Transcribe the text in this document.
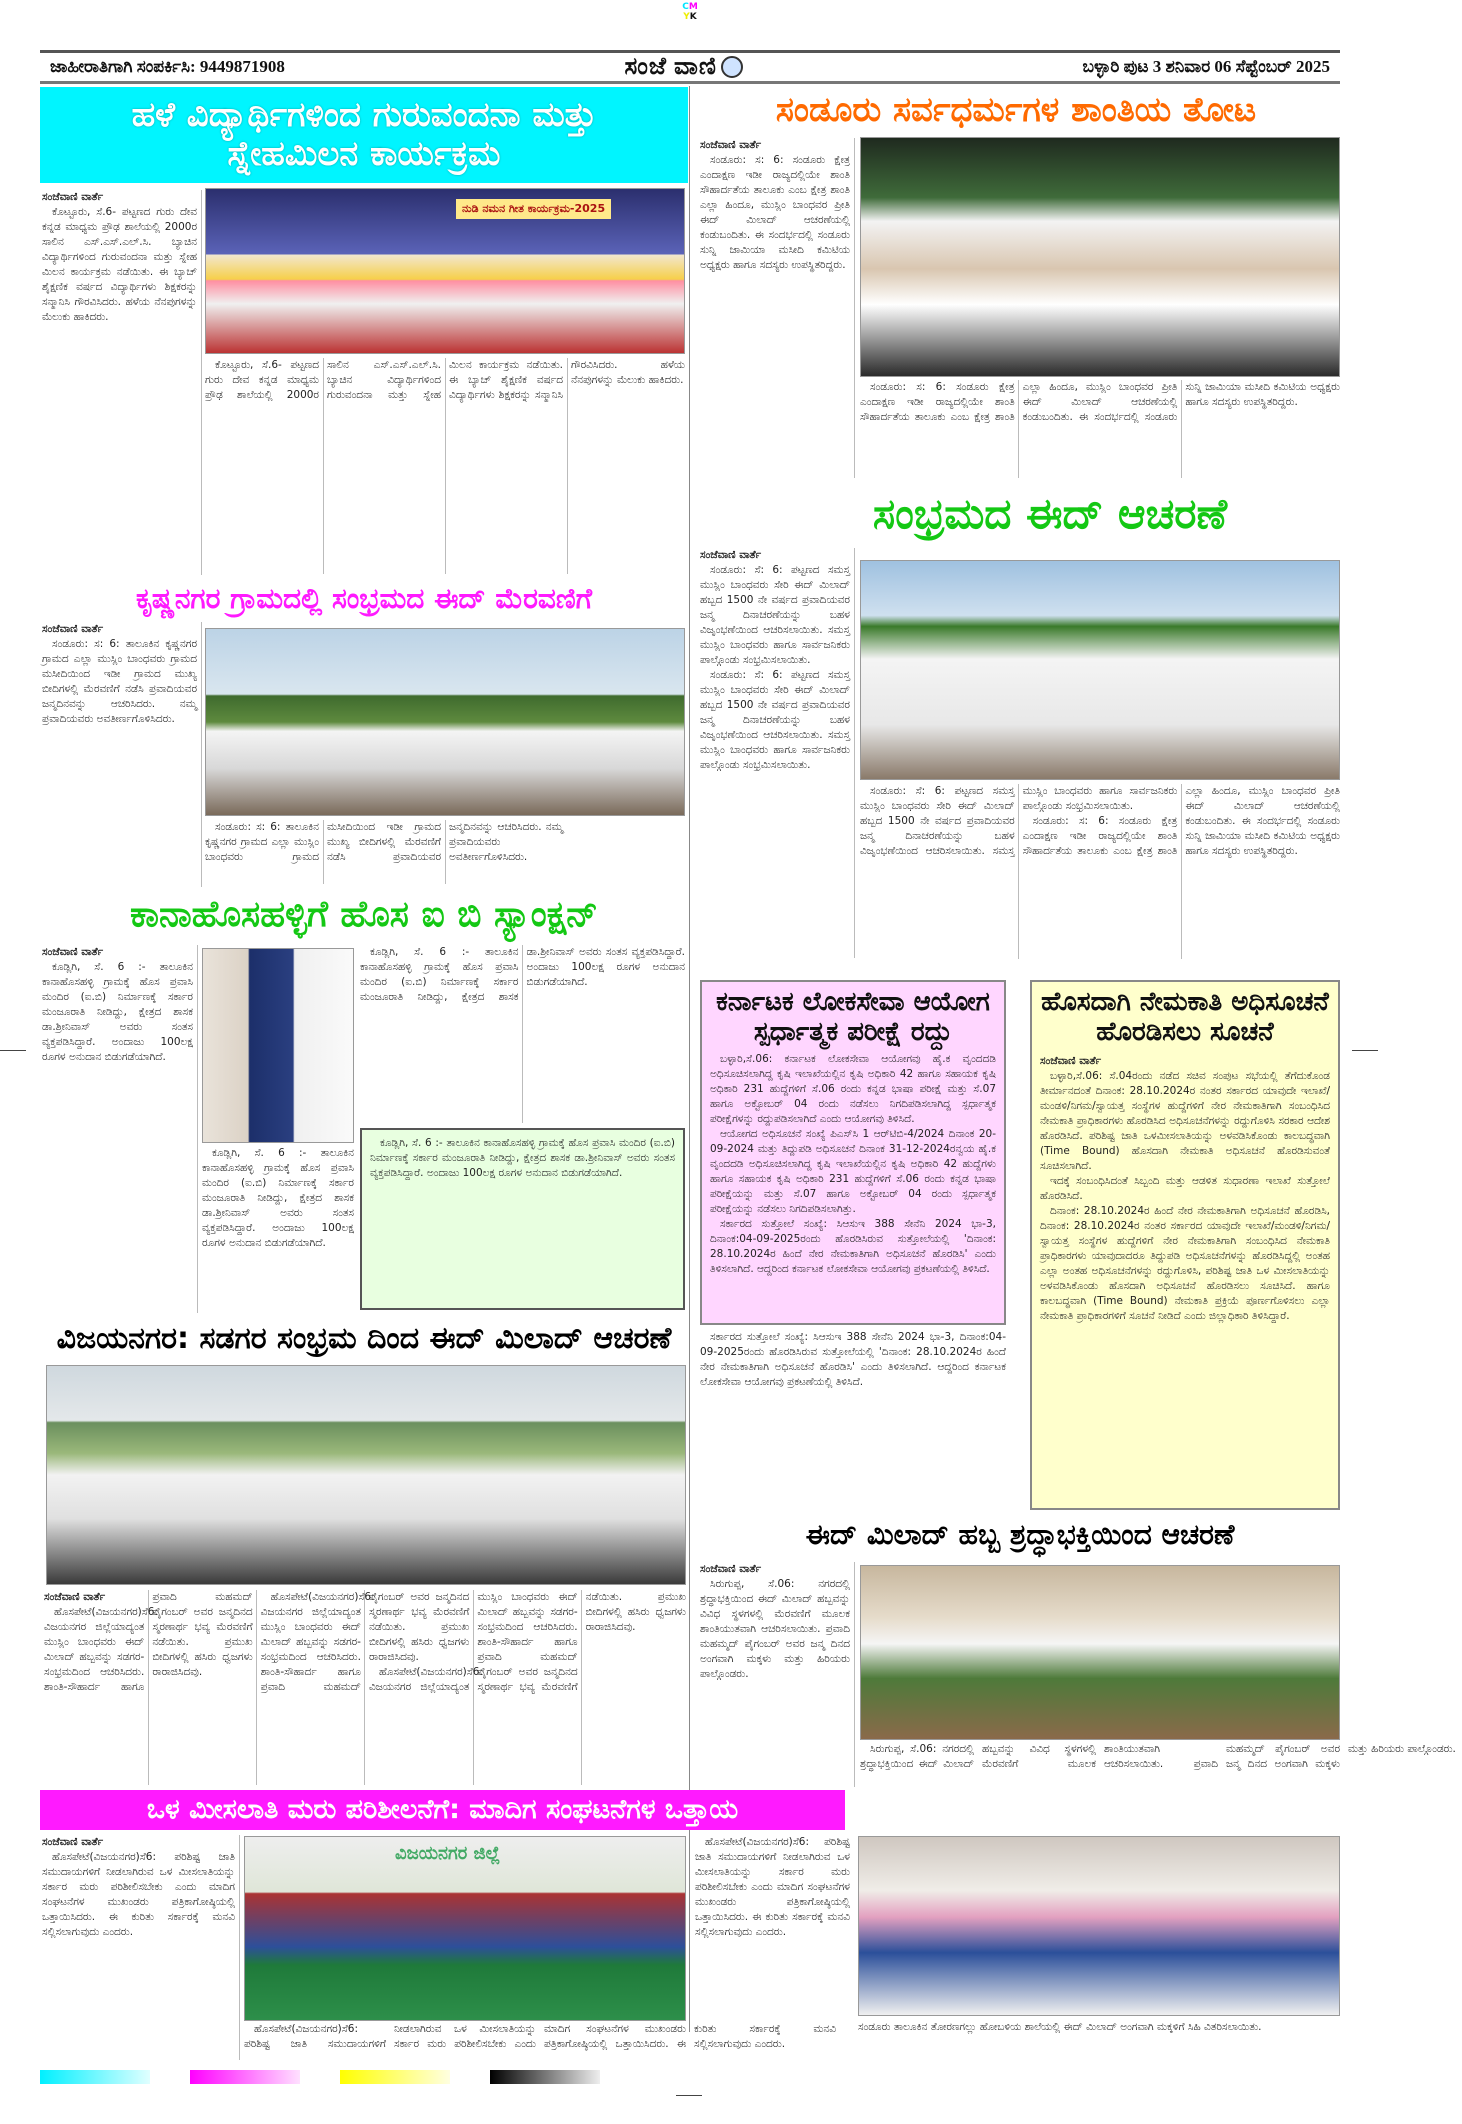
CM
YK
ಜಾಹೀರಾತಿಗಾಗಿ ಸಂಪರ್ಕಿಸಿ: 9449871908	ಸಂಜೆ ವಾಣಿ	ಬಳ್ಳಾರಿ ಪುಟ 3 ಶನಿವಾರ 06 ಸೆಪ್ಟೆಂಬರ್ 2025
ಹಳೆ ವಿದ್ಯಾರ್ಥಿಗಳಿಂದ ಗುರುವಂದನಾ ಮತ್ತು ಸ್ನೇಹಮಿಲನ ಕಾರ್ಯಕ್ರಮ
ಸಂಜೆವಾಣಿ ವಾರ್ತೆ

ಕೊಟ್ಟೂರು, ಸೆ.6- ಪಟ್ಟಣದ ಗುರು ದೇವ ಕನ್ನಡ ಮಾಧ್ಯಮ ಪ್ರೌಢ ಶಾಲೆಯಲ್ಲಿ 2000ರ ಸಾಲಿನ ಎಸ್.ಎಸ್.ಎಲ್.ಸಿ. ಬ್ಯಾಚಿನ ವಿದ್ಯಾರ್ಥಿಗಳಿಂದ ಗುರುವಂದನಾ ಮತ್ತು ಸ್ನೇಹ ಮಿಲನ ಕಾರ್ಯಕ್ರಮ ನಡೆಯಿತು. ಈ ಬ್ಯಾಚ್ ಶೈಕ್ಷಣಿಕ ವರ್ಷದ ವಿದ್ಯಾರ್ಥಿಗಳು ಶಿಕ್ಷಕರನ್ನು ಸನ್ಮಾನಿಸಿ ಗೌರವಿಸಿದರು. ಹಳೆಯ ನೆನಪುಗಳನ್ನು ಮೆಲುಕು ಹಾಕಿದರು.

ನುಡಿ ನಮನ ಗೀತ ಕಾರ್ಯಕ್ರಮ-2025

ಕೊಟ್ಟೂರು, ಸೆ.6- ಪಟ್ಟಣದ ಗುರು ದೇವ ಕನ್ನಡ ಮಾಧ್ಯಮ ಪ್ರೌಢ ಶಾಲೆಯಲ್ಲಿ 2000ರ ಸಾಲಿನ ಎಸ್.ಎಸ್.ಎಲ್.ಸಿ. ಬ್ಯಾಚಿನ ವಿದ್ಯಾರ್ಥಿಗಳಿಂದ ಗುರುವಂದನಾ ಮತ್ತು ಸ್ನೇಹ ಮಿಲನ ಕಾರ್ಯಕ್ರಮ ನಡೆಯಿತು. ಈ ಬ್ಯಾಚ್ ಶೈಕ್ಷಣಿಕ ವರ್ಷದ ವಿದ್ಯಾರ್ಥಿಗಳು ಶಿಕ್ಷಕರನ್ನು ಸನ್ಮಾನಿಸಿ ಗೌರವಿಸಿದರು. ಹಳೆಯ ನೆನಪುಗಳನ್ನು ಮೆಲುಕು ಹಾಕಿದರು.

ಕೃಷ್ಣನಗರ ಗ್ರಾಮದಲ್ಲಿ ಸಂಭ್ರಮದ ಈದ್ ಮೆರವಣಿಗೆ
ಸಂಜೆವಾಣಿ ವಾರ್ತೆ

ಸಂಡೂರು: ಸ: 6: ತಾಲೂಕಿನ ಕೃಷ್ಣನಗರ ಗ್ರಾಮದ ಎಲ್ಲಾ ಮುಸ್ಲಿಂ ಬಾಂಧವರು ಗ್ರಾಮದ ಮಸೀದಿಯಿಂದ ಇಡೀ ಗ್ರಾಮದ ಮುಖ್ಯ ಬೀದಿಗಳಲ್ಲಿ ಮೆರವಣಿಗೆ ನಡೆಸಿ ಪ್ರವಾದಿಯವರ ಜನ್ಮದಿನವನ್ನು ಆಚರಿಸಿದರು. ನಮ್ಮ ಪ್ರವಾದಿಯವರು ಅವತೀರ್ಣಗೊಳಿಸಿದರು.

ಸಂಡೂರು: ಸ: 6: ತಾಲೂಕಿನ ಕೃಷ್ಣನಗರ ಗ್ರಾಮದ ಎಲ್ಲಾ ಮುಸ್ಲಿಂ ಬಾಂಧವರು ಗ್ರಾಮದ ಮಸೀದಿಯಿಂದ ಇಡೀ ಗ್ರಾಮದ ಮುಖ್ಯ ಬೀದಿಗಳಲ್ಲಿ ಮೆರವಣಿಗೆ ನಡೆಸಿ ಪ್ರವಾದಿಯವರ ಜನ್ಮದಿನವನ್ನು ಆಚರಿಸಿದರು. ನಮ್ಮ ಪ್ರವಾದಿಯವರು ಅವತೀರ್ಣಗೊಳಿಸಿದರು.

ಕಾನಾಹೊಸಹಳ್ಳಿಗೆ ಹೊಸ ಐ ಬಿ ಸ್ಯಾಂಕ್ಷನ್
ಸಂಜೆವಾಣಿ ವಾರ್ತೆ

ಕೂಡ್ಲಿಗಿ, ಸೆ. 6 :- ತಾಲೂಕಿನ ಕಾನಾಹೊಸಹಳ್ಳಿ ಗ್ರಾಮಕ್ಕೆ ಹೊಸ ಪ್ರವಾಸಿ ಮಂದಿರ (ಐ.ಬಿ) ನಿರ್ಮಾಣಕ್ಕೆ ಸರ್ಕಾರ ಮಂಜೂರಾತಿ ನೀಡಿದ್ದು, ಕ್ಷೇತ್ರದ ಶಾಸಕ ಡಾ.ಶ್ರೀನಿವಾಸ್ ಅವರು ಸಂತಸ ವ್ಯಕ್ತಪಡಿಸಿದ್ದಾರೆ. ಅಂದಾಜು 100ಲಕ್ಷ ರೂಗಳ ಅನುದಾನ ಬಿಡುಗಡೆಯಾಗಿದೆ.

ಕೂಡ್ಲಿಗಿ, ಸೆ. 6 :- ತಾಲೂಕಿನ ಕಾನಾಹೊಸಹಳ್ಳಿ ಗ್ರಾಮಕ್ಕೆ ಹೊಸ ಪ್ರವಾಸಿ ಮಂದಿರ (ಐ.ಬಿ) ನಿರ್ಮಾಣಕ್ಕೆ ಸರ್ಕಾರ ಮಂಜೂರಾತಿ ನೀಡಿದ್ದು, ಕ್ಷೇತ್ರದ ಶಾಸಕ ಡಾ.ಶ್ರೀನಿವಾಸ್ ಅವರು ಸಂತಸ ವ್ಯಕ್ತಪಡಿಸಿದ್ದಾರೆ. ಅಂದಾಜು 100ಲಕ್ಷ ರೂಗಳ ಅನುದಾನ ಬಿಡುಗಡೆಯಾಗಿದೆ.

ಕೂಡ್ಲಿಗಿ, ಸೆ. 6 :- ತಾಲೂಕಿನ ಕಾನಾಹೊಸಹಳ್ಳಿ ಗ್ರಾಮಕ್ಕೆ ಹೊಸ ಪ್ರವಾಸಿ ಮಂದಿರ (ಐ.ಬಿ) ನಿರ್ಮಾಣಕ್ಕೆ ಸರ್ಕಾರ ಮಂಜೂರಾತಿ ನೀಡಿದ್ದು, ಕ್ಷೇತ್ರದ ಶಾಸಕ ಡಾ.ಶ್ರೀನಿವಾಸ್ ಅವರು ಸಂತಸ ವ್ಯಕ್ತಪಡಿಸಿದ್ದಾರೆ. ಅಂದಾಜು 100ಲಕ್ಷ ರೂಗಳ ಅನುದಾನ ಬಿಡುಗಡೆಯಾಗಿದೆ.

ಕೂಡ್ಲಿಗಿ, ಸೆ. 6 :- ತಾಲೂಕಿನ ಕಾನಾಹೊಸಹಳ್ಳಿ ಗ್ರಾಮಕ್ಕೆ ಹೊಸ ಪ್ರವಾಸಿ ಮಂದಿರ (ಐ.ಬಿ) ನಿರ್ಮಾಣಕ್ಕೆ ಸರ್ಕಾರ ಮಂಜೂರಾತಿ ನೀಡಿದ್ದು, ಕ್ಷೇತ್ರದ ಶಾಸಕ ಡಾ.ಶ್ರೀನಿವಾಸ್ ಅವರು ಸಂತಸ ವ್ಯಕ್ತಪಡಿಸಿದ್ದಾರೆ. ಅಂದಾಜು 100ಲಕ್ಷ ರೂಗಳ ಅನುದಾನ ಬಿಡುಗಡೆಯಾಗಿದೆ.

ವಿಜಯನಗರ: ಸಡಗರ ಸಂಭ್ರಮ ದಿಂದ ಈದ್ ಮಿಲಾದ್ ಆಚರಣೆ
ಸಂಜೆವಾಣಿ ವಾರ್ತೆ

ಹೊಸಪೇಟೆ(ವಿಜಯನಗರ)ಸೆ6: ವಿಜಯನಗರ ಜಿಲ್ಲೆಯಾದ್ಯಂತ ಮುಸ್ಲಿಂ ಬಾಂಧವರು ಈದ್ ಮಿಲಾದ್ ಹಬ್ಬವನ್ನು ಸಡಗರ-ಸಂಭ್ರಮದಿಂದ ಆಚರಿಸಿದರು. ಶಾಂತಿ-ಸೌಹಾರ್ದ ಹಾಗೂ ಪ್ರವಾದಿ ಮಹಮದ್ ಪೈಗಂಬರ್ ಅವರ ಜನ್ಮದಿನದ ಸ್ಮರಣಾರ್ಥ ಭವ್ಯ ಮೆರವಣಿಗೆ ನಡೆಯಿತು. ಪ್ರಮುಖ ಬೀದಿಗಳಲ್ಲಿ ಹಸಿರು ಧ್ವಜಗಳು ರಾರಾಜಿಸಿದವು.

ಹೊಸಪೇಟೆ(ವಿಜಯನಗರ)ಸೆ6: ವಿಜಯನಗರ ಜಿಲ್ಲೆಯಾದ್ಯಂತ ಮುಸ್ಲಿಂ ಬಾಂಧವರು ಈದ್ ಮಿಲಾದ್ ಹಬ್ಬವನ್ನು ಸಡಗರ-ಸಂಭ್ರಮದಿಂದ ಆಚರಿಸಿದರು. ಶಾಂತಿ-ಸೌಹಾರ್ದ ಹಾಗೂ ಪ್ರವಾದಿ ಮಹಮದ್ ಪೈಗಂಬರ್ ಅವರ ಜನ್ಮದಿನದ ಸ್ಮರಣಾರ್ಥ ಭವ್ಯ ಮೆರವಣಿಗೆ ನಡೆಯಿತು. ಪ್ರಮುಖ ಬೀದಿಗಳಲ್ಲಿ ಹಸಿರು ಧ್ವಜಗಳು ರಾರಾಜಿಸಿದವು.

ಹೊಸಪೇಟೆ(ವಿಜಯನಗರ)ಸೆ6: ವಿಜಯನಗರ ಜಿಲ್ಲೆಯಾದ್ಯಂತ ಮುಸ್ಲಿಂ ಬಾಂಧವರು ಈದ್ ಮಿಲಾದ್ ಹಬ್ಬವನ್ನು ಸಡಗರ-ಸಂಭ್ರಮದಿಂದ ಆಚರಿಸಿದರು. ಶಾಂತಿ-ಸೌಹಾರ್ದ ಹಾಗೂ ಪ್ರವಾದಿ ಮಹಮದ್ ಪೈಗಂಬರ್ ಅವರ ಜನ್ಮದಿನದ ಸ್ಮರಣಾರ್ಥ ಭವ್ಯ ಮೆರವಣಿಗೆ ನಡೆಯಿತು. ಪ್ರಮುಖ ಬೀದಿಗಳಲ್ಲಿ ಹಸಿರು ಧ್ವಜಗಳು ರಾರಾಜಿಸಿದವು.

ಒಳ ಮೀಸಲಾತಿ ಮರು ಪರಿಶೀಲನೆಗೆ: ಮಾದಿಗ ಸಂಘಟನೆಗಳ ಒತ್ತಾಯ
ಸಂಜೆವಾಣಿ ವಾರ್ತೆ

ಹೊಸಪೇಟೆ(ವಿಜಯನಗರ)ಸೆ6: ಪರಿಶಿಷ್ಟ ಜಾತಿ ಸಮುದಾಯಗಳಿಗೆ ನೀಡಲಾಗಿರುವ ಒಳ ಮೀಸಲಾತಿಯನ್ನು ಸರ್ಕಾರ ಮರು ಪರಿಶೀಲಿಸಬೇಕು ಎಂದು ಮಾದಿಗ ಸಂಘಟನೆಗಳ ಮುಖಂಡರು ಪತ್ರಿಕಾಗೋಷ್ಠಿಯಲ್ಲಿ ಒತ್ತಾಯಿಸಿದರು. ಈ ಕುರಿತು ಸರ್ಕಾರಕ್ಕೆ ಮನವಿ ಸಲ್ಲಿಸಲಾಗುವುದು ಎಂದರು.

ವಿಜಯನಗರ ಜಿಲ್ಲೆ

ಹೊಸಪೇಟೆ(ವಿಜಯನಗರ)ಸೆ6: ಪರಿಶಿಷ್ಟ ಜಾತಿ ಸಮುದಾಯಗಳಿಗೆ ನೀಡಲಾಗಿರುವ ಒಳ ಮೀಸಲಾತಿಯನ್ನು ಸರ್ಕಾರ ಮರು ಪರಿಶೀಲಿಸಬೇಕು ಎಂದು ಮಾದಿಗ ಸಂಘಟನೆಗಳ ಮುಖಂಡರು ಪತ್ರಿಕಾಗೋಷ್ಠಿಯಲ್ಲಿ ಒತ್ತಾಯಿಸಿದರು. ಈ ಕುರಿತು ಸರ್ಕಾರಕ್ಕೆ ಮನವಿ ಸಲ್ಲಿಸಲಾಗುವುದು ಎಂದರು.

ಹೊಸಪೇಟೆ(ವಿಜಯನಗರ)ಸೆ6: ಪರಿಶಿಷ್ಟ ಜಾತಿ ಸಮುದಾಯಗಳಿಗೆ ನೀಡಲಾಗಿರುವ ಒಳ ಮೀಸಲಾತಿಯನ್ನು ಸರ್ಕಾರ ಮರು ಪರಿಶೀಲಿಸಬೇಕು ಎಂದು ಮಾದಿಗ ಸಂಘಟನೆಗಳ ಮುಖಂಡರು ಪತ್ರಿಕಾಗೋಷ್ಠಿಯಲ್ಲಿ ಒತ್ತಾಯಿಸಿದರು. ಈ ಕುರಿತು ಸರ್ಕಾರಕ್ಕೆ ಮನವಿ ಸಲ್ಲಿಸಲಾಗುವುದು ಎಂದರು.

ಸಂಡೂರು ತಾಲೂಕಿನ ತೋರಣಗಲ್ಲು ಹೋಬಳಿಯ ಶಾಲೆಯಲ್ಲಿ ಈದ್ ಮಿಲಾದ್ ಅಂಗವಾಗಿ ಮಕ್ಕಳಿಗೆ ಸಿಹಿ ವಿತರಿಸಲಾಯಿತು.
ಸಂಡೂರು ಸರ್ವಧರ್ಮಗಳ ಶಾಂತಿಯ ತೋಟ
ಸಂಜೆವಾಣಿ ವಾರ್ತೆ

ಸಂಡೂರು: ಸ: 6: ಸಂಡೂರು ಕ್ಷೇತ್ರ ಎಂದಾಕ್ಷಣ ಇಡೀ ರಾಜ್ಯದಲ್ಲಿಯೇ ಶಾಂತಿ ಸೌಹಾರ್ದತೆಯ ತಾಲೂಕು ಎಂಬ ಕ್ಷೇತ್ರ ಶಾಂತಿ ಎಲ್ಲಾ ಹಿಂದೂ, ಮುಸ್ಲಿಂ ಬಾಂಧವರ ಪ್ರೀತಿ ಈದ್ ಮಿಲಾದ್ ಆಚರಣೆಯಲ್ಲಿ ಕಂಡುಬಂದಿತು. ಈ ಸಂದರ್ಭದಲ್ಲಿ ಸಂಡೂರು ಸುನ್ನಿ ಜಾಮಿಯಾ ಮಸೀದಿ ಕಮಿಟಿಯ ಅಧ್ಯಕ್ಷರು ಹಾಗೂ ಸದಸ್ಯರು ಉಪಸ್ಥಿತರಿದ್ದರು.

ಸಂಡೂರು: ಸ: 6: ಸಂಡೂರು ಕ್ಷೇತ್ರ ಎಂದಾಕ್ಷಣ ಇಡೀ ರಾಜ್ಯದಲ್ಲಿಯೇ ಶಾಂತಿ ಸೌಹಾರ್ದತೆಯ ತಾಲೂಕು ಎಂಬ ಕ್ಷೇತ್ರ ಶಾಂತಿ ಎಲ್ಲಾ ಹಿಂದೂ, ಮುಸ್ಲಿಂ ಬಾಂಧವರ ಪ್ರೀತಿ ಈದ್ ಮಿಲಾದ್ ಆಚರಣೆಯಲ್ಲಿ ಕಂಡುಬಂದಿತು. ಈ ಸಂದರ್ಭದಲ್ಲಿ ಸಂಡೂರು ಸುನ್ನಿ ಜಾಮಿಯಾ ಮಸೀದಿ ಕಮಿಟಿಯ ಅಧ್ಯಕ್ಷರು ಹಾಗೂ ಸದಸ್ಯರು ಉಪಸ್ಥಿತರಿದ್ದರು.

ಸಂಭ್ರಮದ ಈದ್ ಆಚರಣೆ
ಸಂಜೆವಾಣಿ ವಾರ್ತೆ

ಸಂಡೂರು: ಸೆ: 6: ಪಟ್ಟಣದ ಸಮಸ್ತ ಮುಸ್ಲಿಂ ಬಾಂಧವರು ಸೇರಿ ಈದ್ ಮಿಲಾದ್ ಹಬ್ಬದ 1500 ನೇ ವರ್ಷದ ಪ್ರವಾದಿಯವರ ಜನ್ಮ ದಿನಾಚರಣೆಯನ್ನು ಬಹಳ ವಿಜೃಂಭಣೆಯಿಂದ ಆಚರಿಸಲಾಯಿತು. ಸಮಸ್ತ ಮುಸ್ಲಿಂ ಬಾಂಧವರು ಹಾಗೂ ಸಾರ್ವಜನಿಕರು ಪಾಲ್ಗೊಂಡು ಸಂಭ್ರಮಿಸಲಾಯಿತು.

ಸಂಡೂರು: ಸೆ: 6: ಪಟ್ಟಣದ ಸಮಸ್ತ ಮುಸ್ಲಿಂ ಬಾಂಧವರು ಸೇರಿ ಈದ್ ಮಿಲಾದ್ ಹಬ್ಬದ 1500 ನೇ ವರ್ಷದ ಪ್ರವಾದಿಯವರ ಜನ್ಮ ದಿನಾಚರಣೆಯನ್ನು ಬಹಳ ವಿಜೃಂಭಣೆಯಿಂದ ಆಚರಿಸಲಾಯಿತು. ಸಮಸ್ತ ಮುಸ್ಲಿಂ ಬಾಂಧವರು ಹಾಗೂ ಸಾರ್ವಜನಿಕರು ಪಾಲ್ಗೊಂಡು ಸಂಭ್ರಮಿಸಲಾಯಿತು.

ಸಂಡೂರು: ಸೆ: 6: ಪಟ್ಟಣದ ಸಮಸ್ತ ಮುಸ್ಲಿಂ ಬಾಂಧವರು ಸೇರಿ ಈದ್ ಮಿಲಾದ್ ಹಬ್ಬದ 1500 ನೇ ವರ್ಷದ ಪ್ರವಾದಿಯವರ ಜನ್ಮ ದಿನಾಚರಣೆಯನ್ನು ಬಹಳ ವಿಜೃಂಭಣೆಯಿಂದ ಆಚರಿಸಲಾಯಿತು. ಸಮಸ್ತ ಮುಸ್ಲಿಂ ಬಾಂಧವರು ಹಾಗೂ ಸಾರ್ವಜನಿಕರು ಪಾಲ್ಗೊಂಡು ಸಂಭ್ರಮಿಸಲಾಯಿತು.

ಸಂಡೂರು: ಸ: 6: ಸಂಡೂರು ಕ್ಷೇತ್ರ ಎಂದಾಕ್ಷಣ ಇಡೀ ರಾಜ್ಯದಲ್ಲಿಯೇ ಶಾಂತಿ ಸೌಹಾರ್ದತೆಯ ತಾಲೂಕು ಎಂಬ ಕ್ಷೇತ್ರ ಶಾಂತಿ ಎಲ್ಲಾ ಹಿಂದೂ, ಮುಸ್ಲಿಂ ಬಾಂಧವರ ಪ್ರೀತಿ ಈದ್ ಮಿಲಾದ್ ಆಚರಣೆಯಲ್ಲಿ ಕಂಡುಬಂದಿತು. ಈ ಸಂದರ್ಭದಲ್ಲಿ ಸಂಡೂರು ಸುನ್ನಿ ಜಾಮಿಯಾ ಮಸೀದಿ ಕಮಿಟಿಯ ಅಧ್ಯಕ್ಷರು ಹಾಗೂ ಸದಸ್ಯರು ಉಪಸ್ಥಿತರಿದ್ದರು.

ಕರ್ನಾಟಕ ಲೋಕಸೇವಾ ಆಯೋಗ ಸ್ಪರ್ಧಾತ್ಮಕ ಪರೀಕ್ಷೆ ರದ್ದು

ಬಳ್ಳಾರಿ,ಸೆ.06: ಕರ್ನಾಟಕ ಲೋಕಸೇವಾ ಆಯೋಗವು ಹೈ.ಕ ವೃಂದದಡಿ ಅಧಿಸೂಚಿಸಲಾಗಿದ್ದ ಕೃಷಿ ಇಲಾಖೆಯಲ್ಲಿನ ಕೃಷಿ ಅಧಿಕಾರಿ 42 ಹಾಗೂ ಸಹಾಯಕ ಕೃಷಿ ಅಧಿಕಾರಿ 231 ಹುದ್ದೆಗಳಿಗೆ ಸೆ.06 ರಂದು ಕನ್ನಡ ಭಾಷಾ ಪರೀಕ್ಷೆ ಮತ್ತು ಸೆ.07 ಹಾಗೂ ಅಕ್ಟೋಬರ್ 04 ರಂದು ನಡೆಸಲು ನಿಗದಿಪಡಿಸಲಾಗಿದ್ದ ಸ್ಪರ್ಧಾತ್ಮಕ ಪರೀಕ್ಷೆಗಳನ್ನು ರದ್ದುಪಡಿಸಲಾಗಿದೆ ಎಂದು ಆಯೋಗವು ತಿಳಿಸಿದೆ.

ಆಯೋಗದ ಅಧಿಸೂಚನೆ ಸಂಖ್ಯೆ ಪಿಎಸ್‌ಸಿ 1 ಆರ್‌ಟಿಬಿ-4/2024 ದಿನಾಂಕ 20-09-2024 ಮತ್ತು ತಿದ್ದುಪಡಿ ಅಧಿಸೂಚನೆ ದಿನಾಂಕ 31-12-2024ರನ್ವಯ ಹೈ.ಕ ವೃಂದದಡಿ ಅಧಿಸೂಚಿಸಲಾಗಿದ್ದ ಕೃಷಿ ಇಲಾಖೆಯಲ್ಲಿನ ಕೃಷಿ ಅಧಿಕಾರಿ 42 ಹುದ್ದೆಗಳು ಹಾಗೂ ಸಹಾಯಕ ಕೃಷಿ ಅಧಿಕಾರಿ 231 ಹುದ್ದೆಗಳಿಗೆ ಸೆ.06 ರಂದು ಕನ್ನಡ ಭಾಷಾ ಪರೀಕ್ಷೆಯನ್ನು ಮತ್ತು ಸೆ.07 ಹಾಗೂ ಅಕ್ಟೋಬರ್ 04 ರಂದು ಸ್ಪರ್ಧಾತ್ಮಕ ಪರೀಕ್ಷೆಯನ್ನು ನಡೆಸಲು ನಿಗದಿಪಡಿಸಲಾಗಿತ್ತು.

ಸರ್ಕಾರದ ಸುತ್ತೋಲೆ ಸಂಖ್ಯೆ: ಸಿಆಸುಇ 388 ಸೇನೆನಿ 2024 ಭಾ-3, ದಿನಾಂಕ:04-09-2025ರಂದು ಹೊರಡಿಸಿರುವ ಸುತ್ತೋಲೆಯಲ್ಲಿ 'ದಿನಾಂಕ: 28.10.2024ರ ಹಿಂದೆ ನೇರ ನೇಮಕಾತಿಗಾಗಿ ಅಧಿಸೂಚನೆ ಹೊರಡಿಸಿ' ಎಂದು ತಿಳಿಸಲಾಗಿದೆ. ಆದ್ದರಿಂದ ಕರ್ನಾಟಕ ಲೋಕಸೇವಾ ಆಯೋಗವು ಪ್ರಕಟಣೆಯಲ್ಲಿ ತಿಳಿಸಿದೆ.

ಹೊಸದಾಗಿ ನೇಮಕಾತಿ ಅಧಿಸೂಚನೆ ಹೊರಡಿಸಲು ಸೂಚನೆ
ಸಂಜೆವಾಣಿ ವಾರ್ತೆ

ಬಳ್ಳಾರಿ,ಸೆ.06: ಸೆ.04ರಂದು ನಡೆದ ಸಚಿವ ಸಂಪುಟ ಸಭೆಯಲ್ಲಿ ತೆಗೆದುಕೊಂಡ ತೀರ್ಮಾನದಂತೆ ದಿನಾಂಕ: 28.10.2024ರ ನಂತರ ಸರ್ಕಾರದ ಯಾವುದೇ ಇಲಾಖೆ/ಮಂಡಳಿ/ನಿಗಮ/ಸ್ವಾಯತ್ತ ಸಂಸ್ಥೆಗಳ ಹುದ್ದೆಗಳಿಗೆ ನೇರ ನೇಮಕಾತಿಗಾಗಿ ಸಂಬಂಧಿಸಿದ ನೇಮಕಾತಿ ಪ್ರಾಧಿಕಾರಗಳು ಹೊರಡಿಸಿದ ಅಧಿಸೂಚನೆಗಳನ್ನು ರದ್ದುಗೊಳಿಸಿ ಸರಕಾರ ಆದೇಶ ಹೊರಡಿಸಿದೆ. ಪರಿಶಿಷ್ಟ ಜಾತಿ ಒಳಮೀಸಲಾತಿಯನ್ನು ಅಳವಡಿಸಿಕೊಂಡು ಕಾಲಬದ್ಧವಾಗಿ (Time Bound) ಹೊಸದಾಗಿ ನೇಮಕಾತಿ ಅಧಿಸೂಚನೆ ಹೊರಡಿಸುವಂತೆ ಸೂಚಿಸಲಾಗಿದೆ.

ಇದಕ್ಕೆ ಸಂಬಂಧಿಸಿದಂತೆ ಸಿಬ್ಬಂದಿ ಮತ್ತು ಆಡಳಿತ ಸುಧಾರಣಾ ಇಲಾಖೆ ಸುತ್ತೋಲೆ ಹೊರಡಿಸಿದೆ.

ದಿನಾಂಕ: 28.10.2024ರ ಹಿಂದೆ ನೇರ ನೇಮಕಾತಿಗಾಗಿ ಅಧಿಸೂಚನೆ ಹೊರಡಿಸಿ, ದಿನಾಂಕ: 28.10.2024ರ ನಂತರ ಸರ್ಕಾರದ ಯಾವುದೇ ಇಲಾಖೆ/ಮಂಡಳಿ/ನಿಗಮ/ಸ್ವಾಯತ್ತ ಸಂಸ್ಥೆಗಳ ಹುದ್ದೆಗಳಿಗೆ ನೇರ ನೇಮಕಾತಿಗಾಗಿ ಸಂಬಂಧಿಸಿದ ನೇಮಕಾತಿ ಪ್ರಾಧಿಕಾರಗಳು ಯಾವುದಾದರೂ ತಿದ್ದುಪಡಿ ಅಧಿಸೂಚನೆಗಳನ್ನು ಹೊರಡಿಸಿದ್ದಲ್ಲಿ ಅಂತಹ ಎಲ್ಲಾ ಅಂತಹ ಅಧಿಸೂಚನೆಗಳನ್ನು ರದ್ದುಗೊಳಿಸಿ, ಪರಿಶಿಷ್ಟ ಜಾತಿ ಒಳ ಮೀಸಲಾತಿಯನ್ನು ಅಳವಡಿಸಿಕೊಂಡು ಹೊಸದಾಗಿ ಅಧಿಸೂಚನೆ ಹೊರಡಿಸಲು ಸೂಚಿಸಿದೆ. ಹಾಗೂ ಕಾಲಬದ್ಧವಾಗಿ (Time Bound) ನೇಮಕಾತಿ ಪ್ರಕ್ರಿಯೆ ಪೂರ್ಣಗೊಳಿಸಲು ಎಲ್ಲಾ ನೇಮಕಾತಿ ಪ್ರಾಧಿಕಾರಗಳಿಗೆ ಸೂಚನೆ ನೀಡಿದೆ ಎಂದು ಜಿಲ್ಲಾಧಿಕಾರಿ ತಿಳಿಸಿದ್ದಾರೆ.

ಸರ್ಕಾರದ ಸುತ್ತೋಲೆ ಸಂಖ್ಯೆ: ಸಿಆಸುಇ 388 ಸೇನೆನಿ 2024 ಭಾ-3, ದಿನಾಂಕ:04-09-2025ರಂದು ಹೊರಡಿಸಿರುವ ಸುತ್ತೋಲೆಯಲ್ಲಿ 'ದಿನಾಂಕ: 28.10.2024ರ ಹಿಂದೆ ನೇರ ನೇಮಕಾತಿಗಾಗಿ ಅಧಿಸೂಚನೆ ಹೊರಡಿಸಿ' ಎಂದು ತಿಳಿಸಲಾಗಿದೆ. ಆದ್ದರಿಂದ ಕರ್ನಾಟಕ ಲೋಕಸೇವಾ ಆಯೋಗವು ಪ್ರಕಟಣೆಯಲ್ಲಿ ತಿಳಿಸಿದೆ.

ಈದ್ ಮಿಲಾದ್ ಹಬ್ಬ ಶ್ರದ್ಧಾಭಕ್ತಿಯಿಂದ ಆಚರಣೆ
ಸಂಜೆವಾಣಿ ವಾರ್ತೆ

ಸಿರುಗುಪ್ಪ, ಸೆ.06: ನಗರದಲ್ಲಿ ಶ್ರದ್ಧಾಭಕ್ತಿಯಿಂದ ಈದ್ ಮಿಲಾದ್ ಹಬ್ಬವನ್ನು ವಿವಿಧ ಸ್ಥಳಗಳಲ್ಲಿ ಮೆರವಣಿಗೆ ಮೂಲಕ ಶಾಂತಿಯುತವಾಗಿ ಆಚರಿಸಲಾಯಿತು. ಪ್ರವಾದಿ ಮಹಮ್ಮದ್ ಪೈಗಂಬರ್ ಅವರ ಜನ್ಮ ದಿನದ ಅಂಗವಾಗಿ ಮಕ್ಕಳು ಮತ್ತು ಹಿರಿಯರು ಪಾಲ್ಗೊಂಡರು.

ಸಿರುಗುಪ್ಪ, ಸೆ.06: ನಗರದಲ್ಲಿ ಶ್ರದ್ಧಾಭಕ್ತಿಯಿಂದ ಈದ್ ಮಿಲಾದ್ ಹಬ್ಬವನ್ನು ವಿವಿಧ ಸ್ಥಳಗಳಲ್ಲಿ ಮೆರವಣಿಗೆ ಮೂಲಕ ಶಾಂತಿಯುತವಾಗಿ ಆಚರಿಸಲಾಯಿತು. ಪ್ರವಾದಿ ಮಹಮ್ಮದ್ ಪೈಗಂಬರ್ ಅವರ ಜನ್ಮ ದಿನದ ಅಂಗವಾಗಿ ಮಕ್ಕಳು ಮತ್ತು ಹಿರಿಯರು ಪಾಲ್ಗೊಂಡರು.
